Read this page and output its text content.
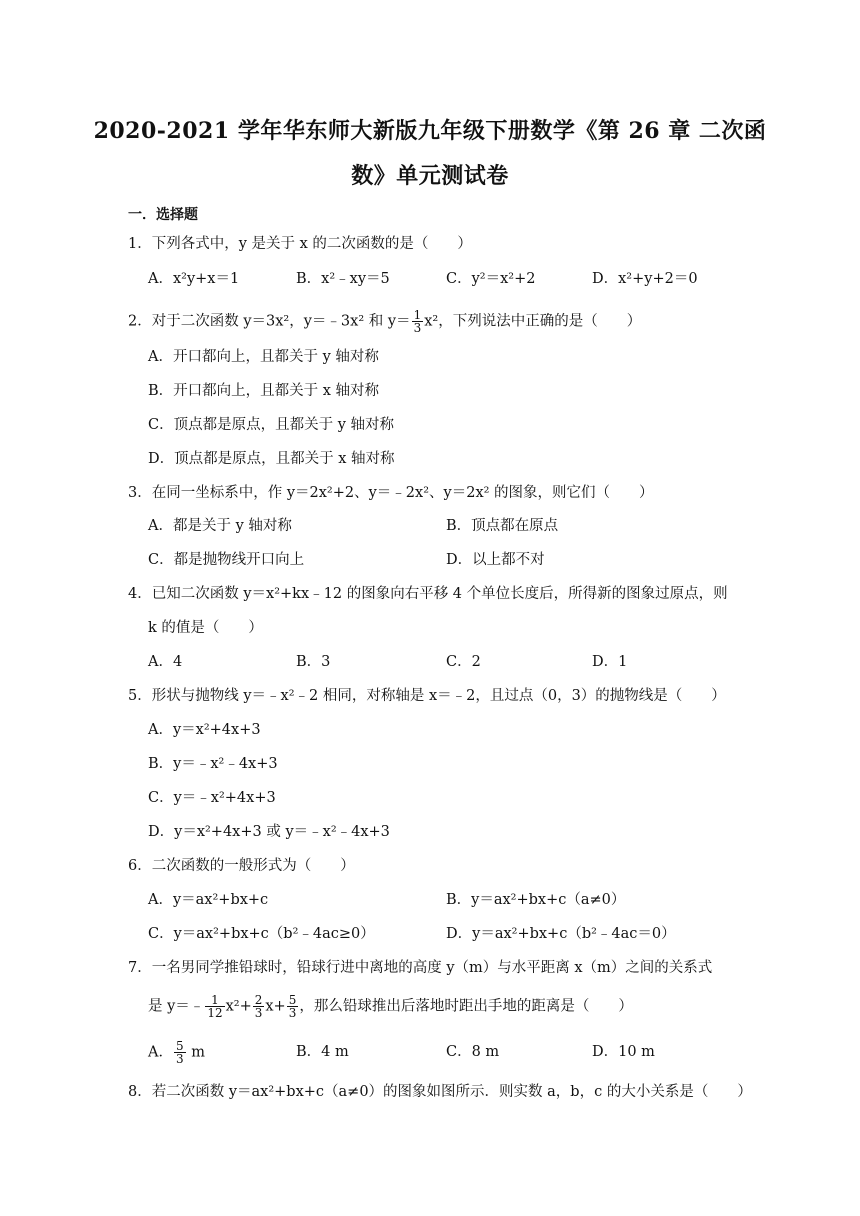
2020-2021 学年华东师大新版九年级下册数学《第 26 章 二次函
数》单元测试卷
一．选择题
1．下列各式中，y 是关于 x 的二次函数的是（　　）
A．x²y+x＝1	B．x²﹣xy＝5	C．y²＝x²+2	D．x²+y+2＝0
2．对于二次函数 y＝3x²，y＝﹣3x² 和 $y= \frac{1}{3} x^2$，下列说法中正确的是（　　）
A．开口都向上，且都关于 y 轴对称
B．开口都向上，且都关于 x 轴对称
C．顶点都是原点，且都关于 y 轴对称
D．顶点都是原点，且都关于 x 轴对称
3．在同一坐标系中，作 y＝2x²+2、y＝﹣2x²、y＝2x² 的图象，则它们（　　）
A．都是关于 y 轴对称	B．顶点都在原点
C．都是抛物线开口向上	D．以上都不对
4．已知二次函数 y＝x²+kx﹣12 的图象向右平移 4 个单位长度后，所得新的图象过原点，则
k 的值是（　　）
A．4	B．3	C．2	D．1
5．形状与抛物线 y＝﹣x²﹣2 相同，对称轴是 x＝﹣2，且过点（0，3）的抛物线是（　　）
A．y＝x²+4x+3
B．y＝﹣x²﹣4x+3
C．y＝﹣x²+4x+3
D．y＝x²+4x+3 或 y＝﹣x²﹣4x+3
6．二次函数的一般形式为（　　）
A．y＝ax²+bx+c	B．y＝ax²+bx+c（a≠0）
C．y＝ax²+bx+c（b²﹣4ac≥0）	D．y＝ax²+bx+c（b²﹣4ac＝0）
7．一名男同学推铅球时，铅球行进中离地的高度 y（m）与水平距离 x（m）之间的关系式
是 y＝﹣ $\frac{1}{12} x^2+ \frac{2}{3} x+ \frac{5}{3}$ ，那么铅球推出后落地时距出手地的距离是（　　）
A． $\frac{5}{3}$ m	B．4 m	C．8 m	D．10 m
8．若二次函数 y＝ax²+bx+c（a≠0）的图象如图所示．则实数 a，b，c 的大小关系是（　　）
